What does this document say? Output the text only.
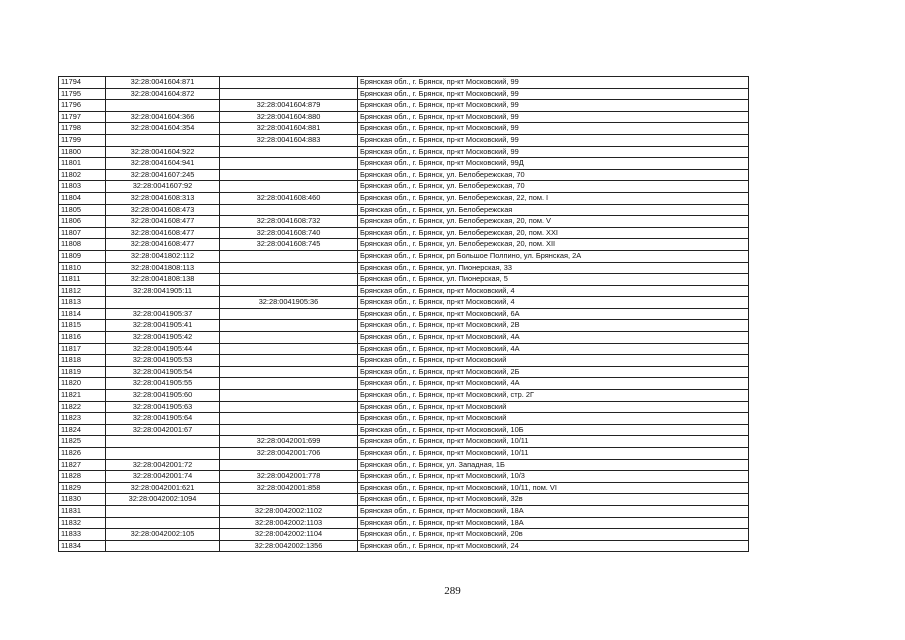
11794	32:28:0041604:871		Брянская обл., г. Брянск, пр-кт Московский, 99
11795	32:28:0041604:872		Брянская обл., г. Брянск, пр-кт Московский, 99
11796		32:28:0041604:879	Брянская обл., г. Брянск, пр-кт Московский, 99
11797	32:28:0041604:366	32:28:0041604:880	Брянская обл., г. Брянск, пр-кт Московский, 99
11798	32:28:0041604:354	32:28:0041604:881	Брянская обл., г. Брянск, пр-кт Московский, 99
11799		32:28:0041604:883	Брянская обл., г. Брянск, пр-кт Московский, 99
11800	32:28:0041604:922		Брянская обл., г. Брянск, пр-кт Московский, 99
11801	32:28:0041604:941		Брянская обл., г. Брянск, пр-кт Московский, 99Д
11802	32:28:0041607:245		Брянская обл., г. Брянск, ул. Белобережская, 70
11803	32:28:0041607:92		Брянская обл., г. Брянск, ул. Белобережская, 70
11804	32:28:0041608:313	32:28:0041608:460	Брянская обл., г. Брянск, ул. Белобережская, 22, пом. I
11805	32:28:0041608:473		Брянская обл., г. Брянск, ул. Белобережская
11806	32:28:0041608:477	32:28:0041608:732	Брянская обл., г. Брянск, ул. Белобережская, 20, пом. V
11807	32:28:0041608:477	32:28:0041608:740	Брянская обл., г. Брянск, ул. Белобережская, 20, пом. XXI
11808	32:28:0041608:477	32:28:0041608:745	Брянская обл., г. Брянск, ул. Белобережская, 20, пом. XII
11809	32:28:0041802:112		Брянская обл., г. Брянск, рп Большое Полпино, ул. Брянская, 2А
11810	32:28:0041808:113		Брянская обл., г. Брянск, ул. Пионерская, 33
11811	32:28:0041808:138		Брянская обл., г. Брянск, ул. Пионерская, 5
11812	32:28:0041905:11		Брянская обл., г. Брянск, пр-кт Московский, 4
11813		32:28:0041905:36	Брянская обл., г. Брянск, пр-кт Московский, 4
11814	32:28:0041905:37		Брянская обл., г. Брянск, пр-кт Московский, 6А
11815	32:28:0041905:41		Брянская обл., г. Брянск, пр-кт Московский, 2В
11816	32:28:0041905:42		Брянская обл., г. Брянск, пр-кт Московский, 4А
11817	32:28:0041905:44		Брянская обл., г. Брянск, пр-кт Московский, 4А
11818	32:28:0041905:53		Брянская обл., г. Брянск, пр-кт Московский
11819	32:28:0041905:54		Брянская обл., г. Брянск, пр-кт Московский, 2Б
11820	32:28:0041905:55		Брянская обл., г. Брянск, пр-кт Московский, 4А
11821	32:28:0041905:60		Брянская обл., г. Брянск, пр-кт Московский, стр. 2Г
11822	32:28:0041905:63		Брянская обл., г. Брянск, пр-кт Московский
11823	32:28:0041905:64		Брянская обл., г. Брянск, пр-кт Московский
11824	32:28:0042001:67		Брянская обл., г. Брянск, пр-кт Московский, 10Б
11825		32:28:0042001:699	Брянская обл., г. Брянск, пр-кт Московский, 10/11
11826		32:28:0042001:706	Брянская обл., г. Брянск, пр-кт Московский, 10/11
11827	32:28:0042001:72		Брянская обл., г. Брянск, ул. Западная, 1Б
11828	32:28:0042001:74	32:28:0042001:778	Брянская обл., г. Брянск, пр-кт Московский, 10/3
11829	32:28:0042001:621	32:28:0042001:858	Брянская обл., г. Брянск, пр-кт Московский, 10/11, пом. VI
11830	32:28:0042002:1094		Брянская обл., г. Брянск, пр-кт Московский, 32в
11831		32:28:0042002:1102	Брянская обл., г. Брянск, пр-кт Московский, 18А
11832		32:28:0042002:1103	Брянская обл., г. Брянск, пр-кт Московский, 18А
11833	32:28:0042002:105	32:28:0042002:1104	Брянская обл., г. Брянск, пр-кт Московский, 20в
11834		32:28:0042002:1356	Брянская обл., г. Брянск, пр-кт Московский, 24
289
